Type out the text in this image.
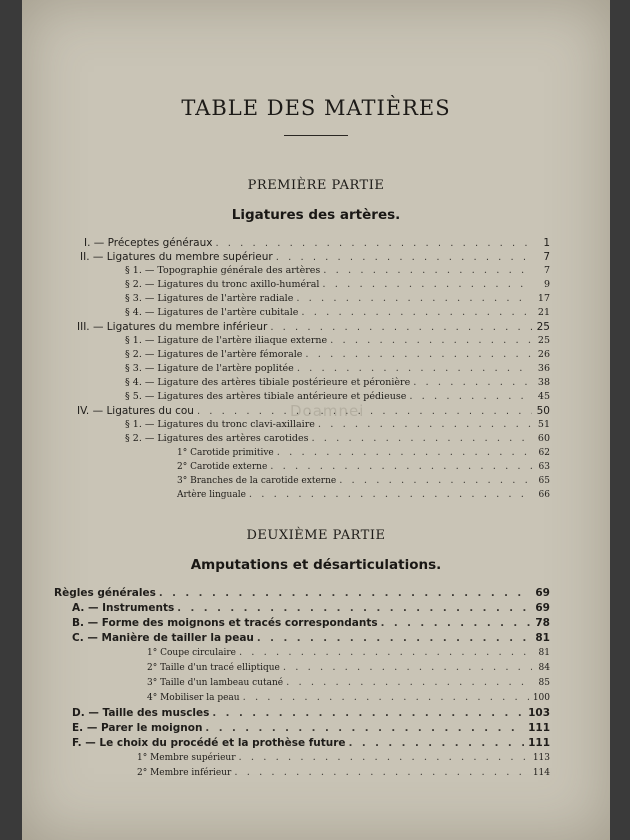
TABLE DES MATIÈRES
PREMIÈRE PARTIE
Ligatures des artères.
I. — Préceptes généraux . . .	1
II. — Ligatures du membre supérieur . . .	7
§ 1. — Topographie générale des artères . . .	7
§ 2. — Ligatures du tronc axillo-huméral . . .	9
§ 3. — Ligatures de l'artère radiale . . .	17
§ 4. — Ligatures de l'artère cubitale . . .	21
III. — Ligatures du membre inférieur . . .	25
§ 1. — Ligature de l'artère iliaque externe . . .	25
§ 2. — Ligatures de l'artère fémorale . . .	26
§ 3. — Ligature de l'artère poplitée . . .	36
§ 4. — Ligature des artères tibiale postérieure et péronière . . .	38
§ 5. — Ligatures des artères tibiale antérieure et pédieuse . . .	45
IV. — Ligatures du cou . . .	50
§ 1. — Ligatures du tronc clavi-axillaire . . .	51
§ 2. — Ligatures des artères carotides . . .	60
1° Carotide primitive . . .	62
2° Carotide externe . . .	63
3° Branches de la carotide externe . . .	65
Artère linguale . . .	66
Doamnei
DEUXIÈME PARTIE
Amputations et désarticulations.
Règles générales . . .	69
A. — Instruments . . .	69
B. — Forme des moignons et tracés correspondants . . .	78
C. — Manière de tailler la peau . . .	81
1° Coupe circulaire . . .	81
2° Taille d'un tracé elliptique . . .	84
3° Taille d'un lambeau cutané . . .	85
4° Mobiliser la peau . . .	100
D. — Taille des muscles . . .	103
E. — Parer le moignon . . .	111
F. — Le choix du procédé et la prothèse future . . .	111
1° Membre supérieur . . .	113
2° Membre inférieur . . .	114
